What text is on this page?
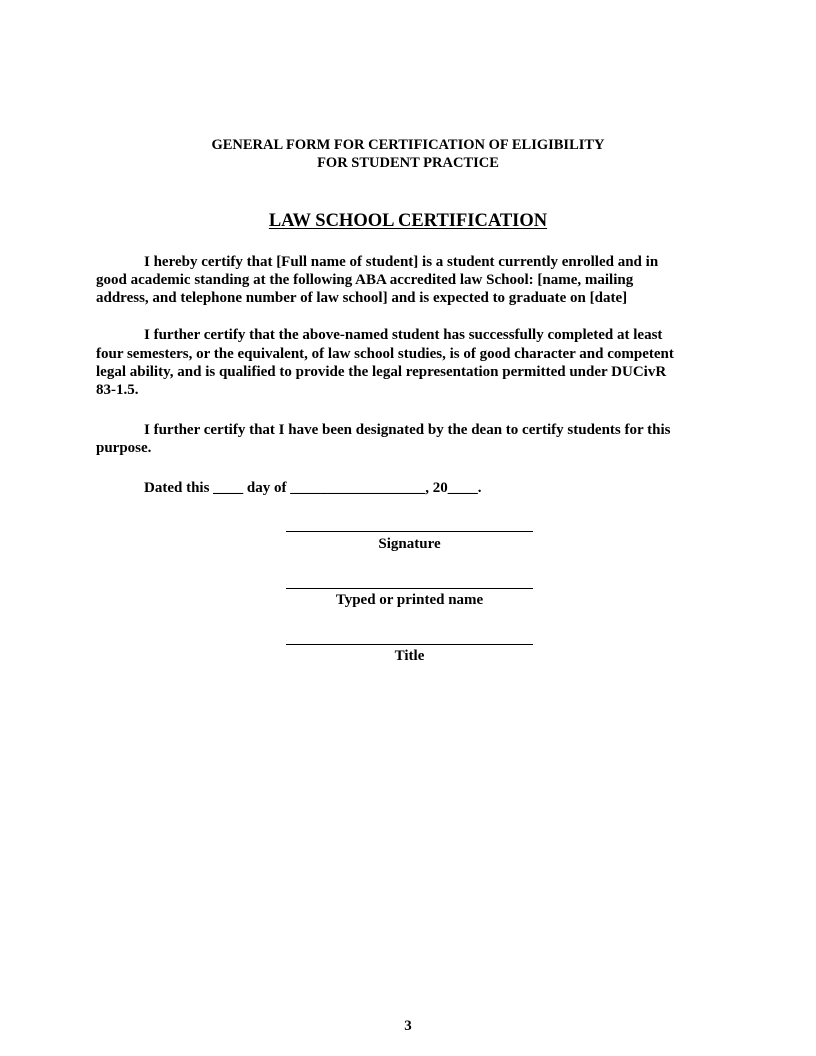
GENERAL FORM FOR CERTIFICATION OF ELIGIBILITY
FOR STUDENT PRACTICE
LAW SCHOOL CERTIFICATION
I hereby certify that [Full name of student] is a student currently enrolled and in
good academic standing at the following ABA accredited law School: [name, mailing
address, and telephone number of law school] and is expected to graduate on [date]
I further certify that the above-named student has successfully completed at least
four semesters, or the equivalent, of law school studies, is of good character and competent
legal ability, and is qualified to provide the legal representation permitted under DUCivR
83-1.5.
I further certify that I have been designated by the dean to certify students for this
purpose.
Dated this ____ day of __________________, 20____.
Signature
Typed or printed name
Title
3
